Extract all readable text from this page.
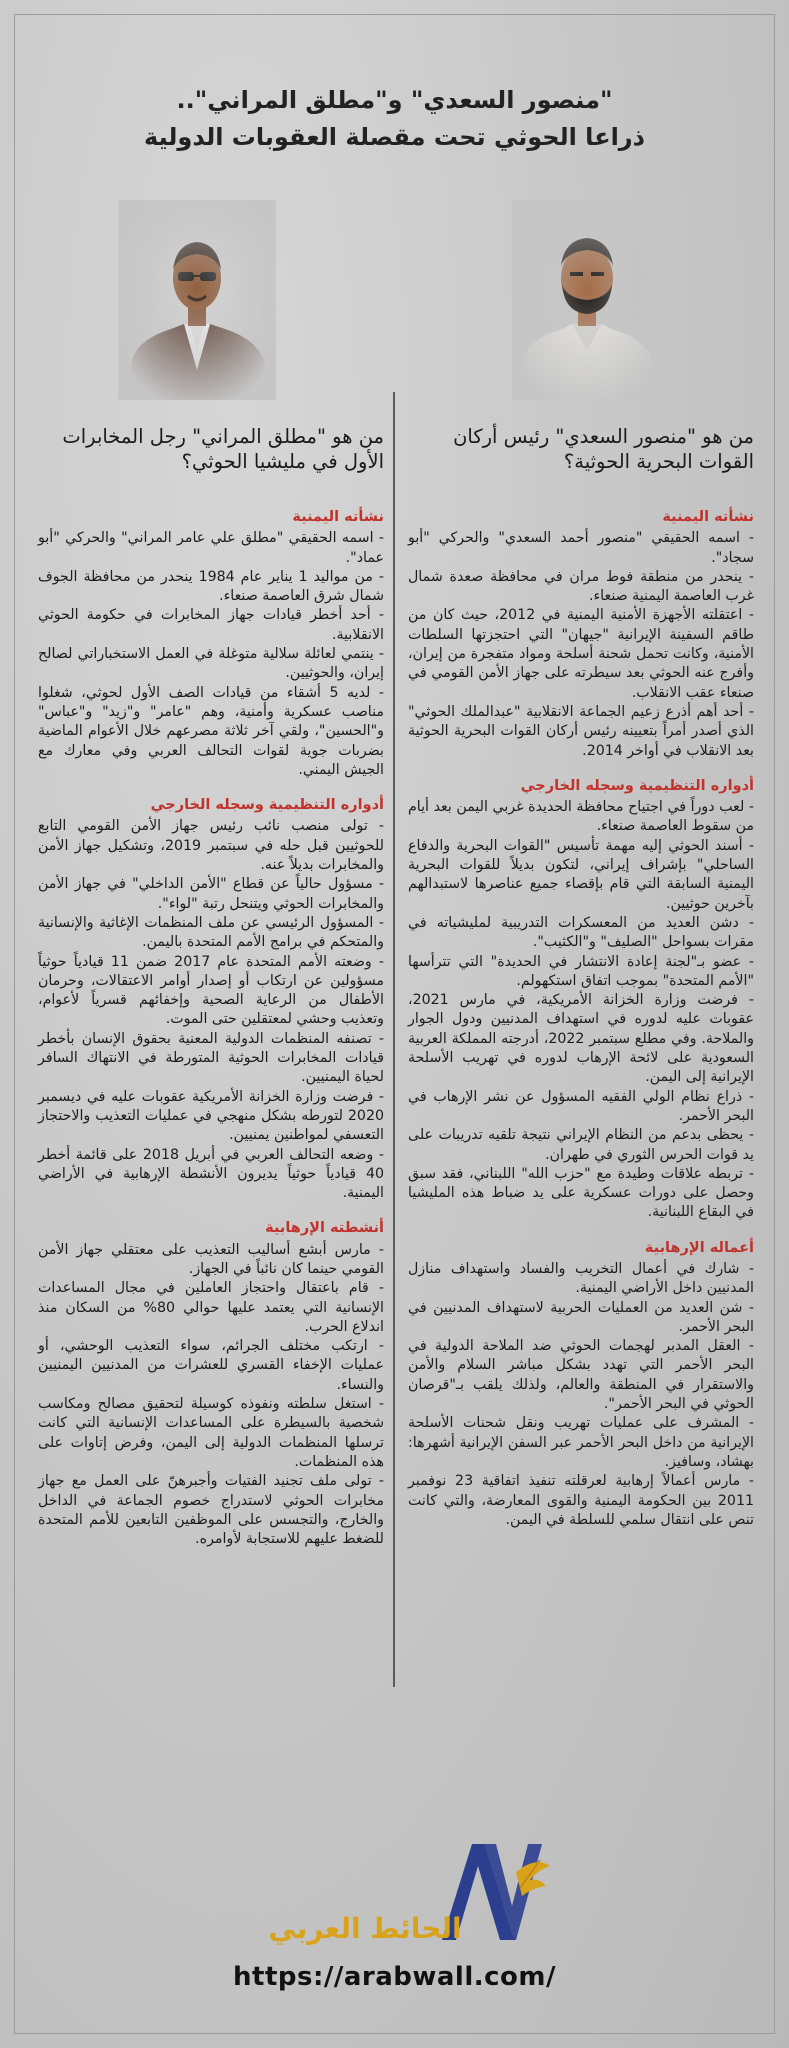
"منصور السعدي" و"مطلق المراني"..
ذراعا الحوثي تحت مقصلة العقوبات الدولية
من هو "مطلق المراني" رجل المخابرات الأول في مليشيا الحوثي؟
نشأته اليمنية

- اسمه الحقيقي "مطلق علي عامر المراني" والحركي "أبو عماد".

- من مواليد 1 يناير عام 1984 ينحدر من محافظة الجوف شمال شرق العاصمة صنعاء.

- أحد أخطر قيادات جهاز المخابرات في حكومة الحوثي الانقلابية.

- ينتمي لعائلة سلالية متوغلة في العمل الاستخباراتي لصالح إيران، والحوثيين.

- لديه 5 أشقاء من قيادات الصف الأول لحوثي، شغلوا مناصب عسكرية وأمنية، وهم "عامر" و"زيد" و"عباس" و"الحسين"، ولقي آخر ثلاثة مصرعهم خلال الأعوام الماضية بضربات جوية لقوات التحالف العربي وفي معارك مع الجيش اليمني.

أدواره التنظيمية وسجله الخارجي

- تولى منصب نائب رئيس جهاز الأمن القومي التابع للحوثيين قبل حله في سبتمبر 2019، وتشكيل جهاز الأمن والمخابرات بديلاً عنه.

- مسؤول حالياً عن قطاع "الأمن الداخلي" في جهاز الأمن والمخابرات الحوثي ويتنحل رتبة "لواء".

- المسؤول الرئيسي عن ملف المنظمات الإغاثية والإنسانية والمتحكم في برامج الأمم المتحدة باليمن.

- وضعته الأمم المتحدة عام 2017 ضمن 11 قيادياً حوثياً مسؤولين عن ارتكاب أو إصدار أوامر الاعتقالات، وحرمان الأطفال من الرعاية الصحية وإخفائهم قسرياً لأعوام، وتعذيب وحشي لمعتقلين حتى الموت.

- تصنفه المنظمات الدولية المعنية بحقوق الإنسان بأخطر قيادات المخابرات الحوثية المتورطة في الانتهاك السافر لحياة اليمنيين.

- فرضت وزارة الخزانة الأمريكية عقوبات عليه في ديسمبر 2020 لتورطه بشكل منهجي في عمليات التعذيب والاحتجاز التعسفي لمواطنين يمنيين.

- وضعه التحالف العربي في أبريل 2018 على قائمة أخطر 40 قيادياً حوثياً يديرون الأنشطة الإرهابية في الأراضي اليمنية.

أنشطته الإرهابية

- مارس أبشع أساليب التعذيب على معتقلي جهاز الأمن القومي حينما كان نائباً في الجهاز.

- قام باعتقال واحتجاز العاملين في مجال المساعدات الإنسانية التي يعتمد عليها حوالي 80% من السكان منذ اندلاع الحرب.

- ارتكب مختلف الجرائم، سواء التعذيب الوحشي، أو عمليات الإخفاء القسري للعشرات من المدنيين اليمنيين والنساء.

- استغل سلطته ونفوذه كوسيلة لتحقيق مصالح ومكاسب شخصية بالسيطرة على المساعدات الإنسانية التي كانت ترسلها المنظمات الدولية إلى اليمن، وفرض إتاوات على هذه المنظمات.

- تولى ملف تجنيد الفتيات وأجبرهنّ على العمل مع جهاز مخابرات الحوثي لاستدراج خصوم الجماعة في الداخل والخارج، والتجسس على الموظفين التابعين للأمم المتحدة للضغط عليهم للاستجابة لأوامره.

من هو "منصور السعدي" رئيس أركان القوات البحرية الحوثية؟
نشأته اليمنية

- اسمه الحقيقي "منصور أحمد السعدي" والحركي "أبو سجاد".

- ينحدر من منطقة فوط مران في محافظة صعدة شمال غرب العاصمة اليمنية صنعاء.

- اعتقلته الأجهزة الأمنية اليمنية في 2012، حيث كان من طاقم السفينة الإيرانية "جيهان" التي احتجزتها السلطات الأمنية، وكانت تحمل شحنة أسلحة ومواد متفجرة من إيران، وأفرج عنه الحوثي بعد سيطرته على جهاز الأمن القومي في صنعاء عقب الانقلاب.

- أحد أهم أذرع زعيم الجماعة الانقلابية "عبدالملك الحوثي" الذي أصدر أمراً بتعيينه رئيس أركان القوات البحرية الحوثية بعد الانقلاب في أواخر 2014.

أدواره التنظيمية وسجله الخارجي

- لعب دوراً في اجتياح محافظة الحديدة غربي اليمن بعد أيام من سقوط العاصمة صنعاء.

- أسند الحوثي إليه مهمة تأسيس "القوات البحرية والدفاع الساحلي" بإشراف إيراني، لتكون بديلاً للقوات البحرية اليمنية السابقة التي قام بإقصاء جميع عناصرها لاستبدالهم بآخرين حوثيين.

- دشن العديد من المعسكرات التدريبية لمليشياته في مقرات بسواحل "الصليف" و"الكثيب".

- عضو بـ"لجنة إعادة الانتشار في الحديدة" التي تترأسها "الأمم المتحدة" بموجب اتفاق استكهولم.

- فرضت وزارة الخزانة الأمريكية، في مارس 2021، عقوبات عليه لدوره في استهداف المدنيين ودول الجوار والملاحة. وفي مطلع سبتمبر 2022، أدرجته المملكة العربية السعودية على لائحة الإرهاب لدوره في تهريب الأسلحة الإيرانية إلى اليمن.

- ذراع نظام الولي الفقيه المسؤول عن نشر الإرهاب في البحر الأحمر.

- يحظى بدعم من النظام الإيراني نتيجة تلقيه تدريبات على يد قوات الحرس الثوري في طهران.

- تربطه علاقات وطيدة مع "حزب الله" اللبناني، فقد سبق وحصل على دورات عسكرية على يد ضباط هذه المليشيا في البقاع اللبنانية.

أعماله الإرهابية

- شارك في أعمال التخريب والفساد واستهداف منازل المدنيين داخل الأراضي اليمنية.

- شن العديد من العمليات الحربية لاستهداف المدنيين في البحر الأحمر.

- العقل المدبر لهجمات الحوثي ضد الملاحة الدولية في البحر الأحمر التي تهدد بشكل مباشر السلام والأمن والاستقرار في المنطقة والعالم، ولذلك يلقب بـ"قرصان الحوثي في البحر الأحمر".

- المشرف على عمليات تهريب ونقل شحنات الأسلحة الإيرانية من داخل البحر الأحمر عبر السفن الإيرانية أشهرها: بهشاد، وسافيز.

- مارس أعمالاً إرهابية لعرقلته تنفيذ اتفاقية 23 نوفمبر 2011 بين الحكومة اليمنية والقوى المعارضة، والتي كانت تنص على انتقال سلمي للسلطة في اليمن.

الحائط العربي
https://arabwall.com/
